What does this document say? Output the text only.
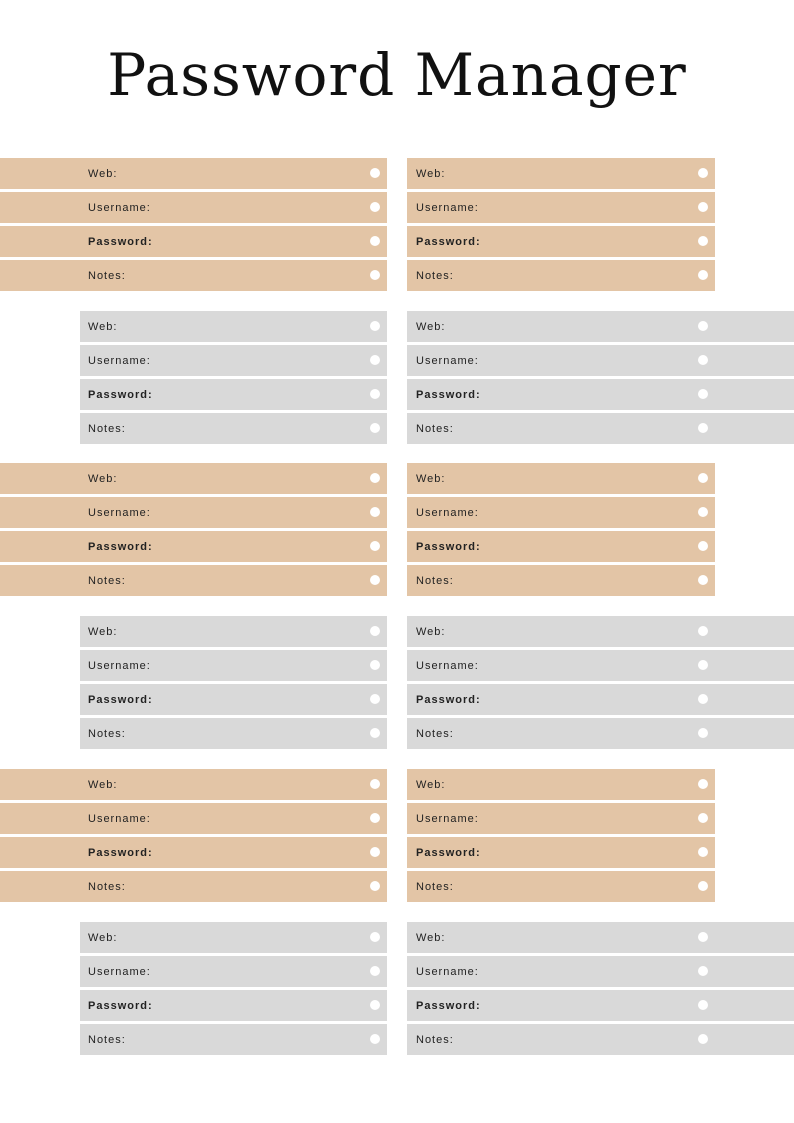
Password Manager
Web:
Username:
Password:
Notes:
Web:
Username:
Password:
Notes:
Web:
Username:
Password:
Notes:
Web:
Username:
Password:
Notes:
Web:
Username:
Password:
Notes:
Web:
Username:
Password:
Notes:
Web:
Username:
Password:
Notes:
Web:
Username:
Password:
Notes:
Web:
Username:
Password:
Notes:
Web:
Username:
Password:
Notes:
Web:
Username:
Password:
Notes:
Web:
Username:
Password:
Notes:
